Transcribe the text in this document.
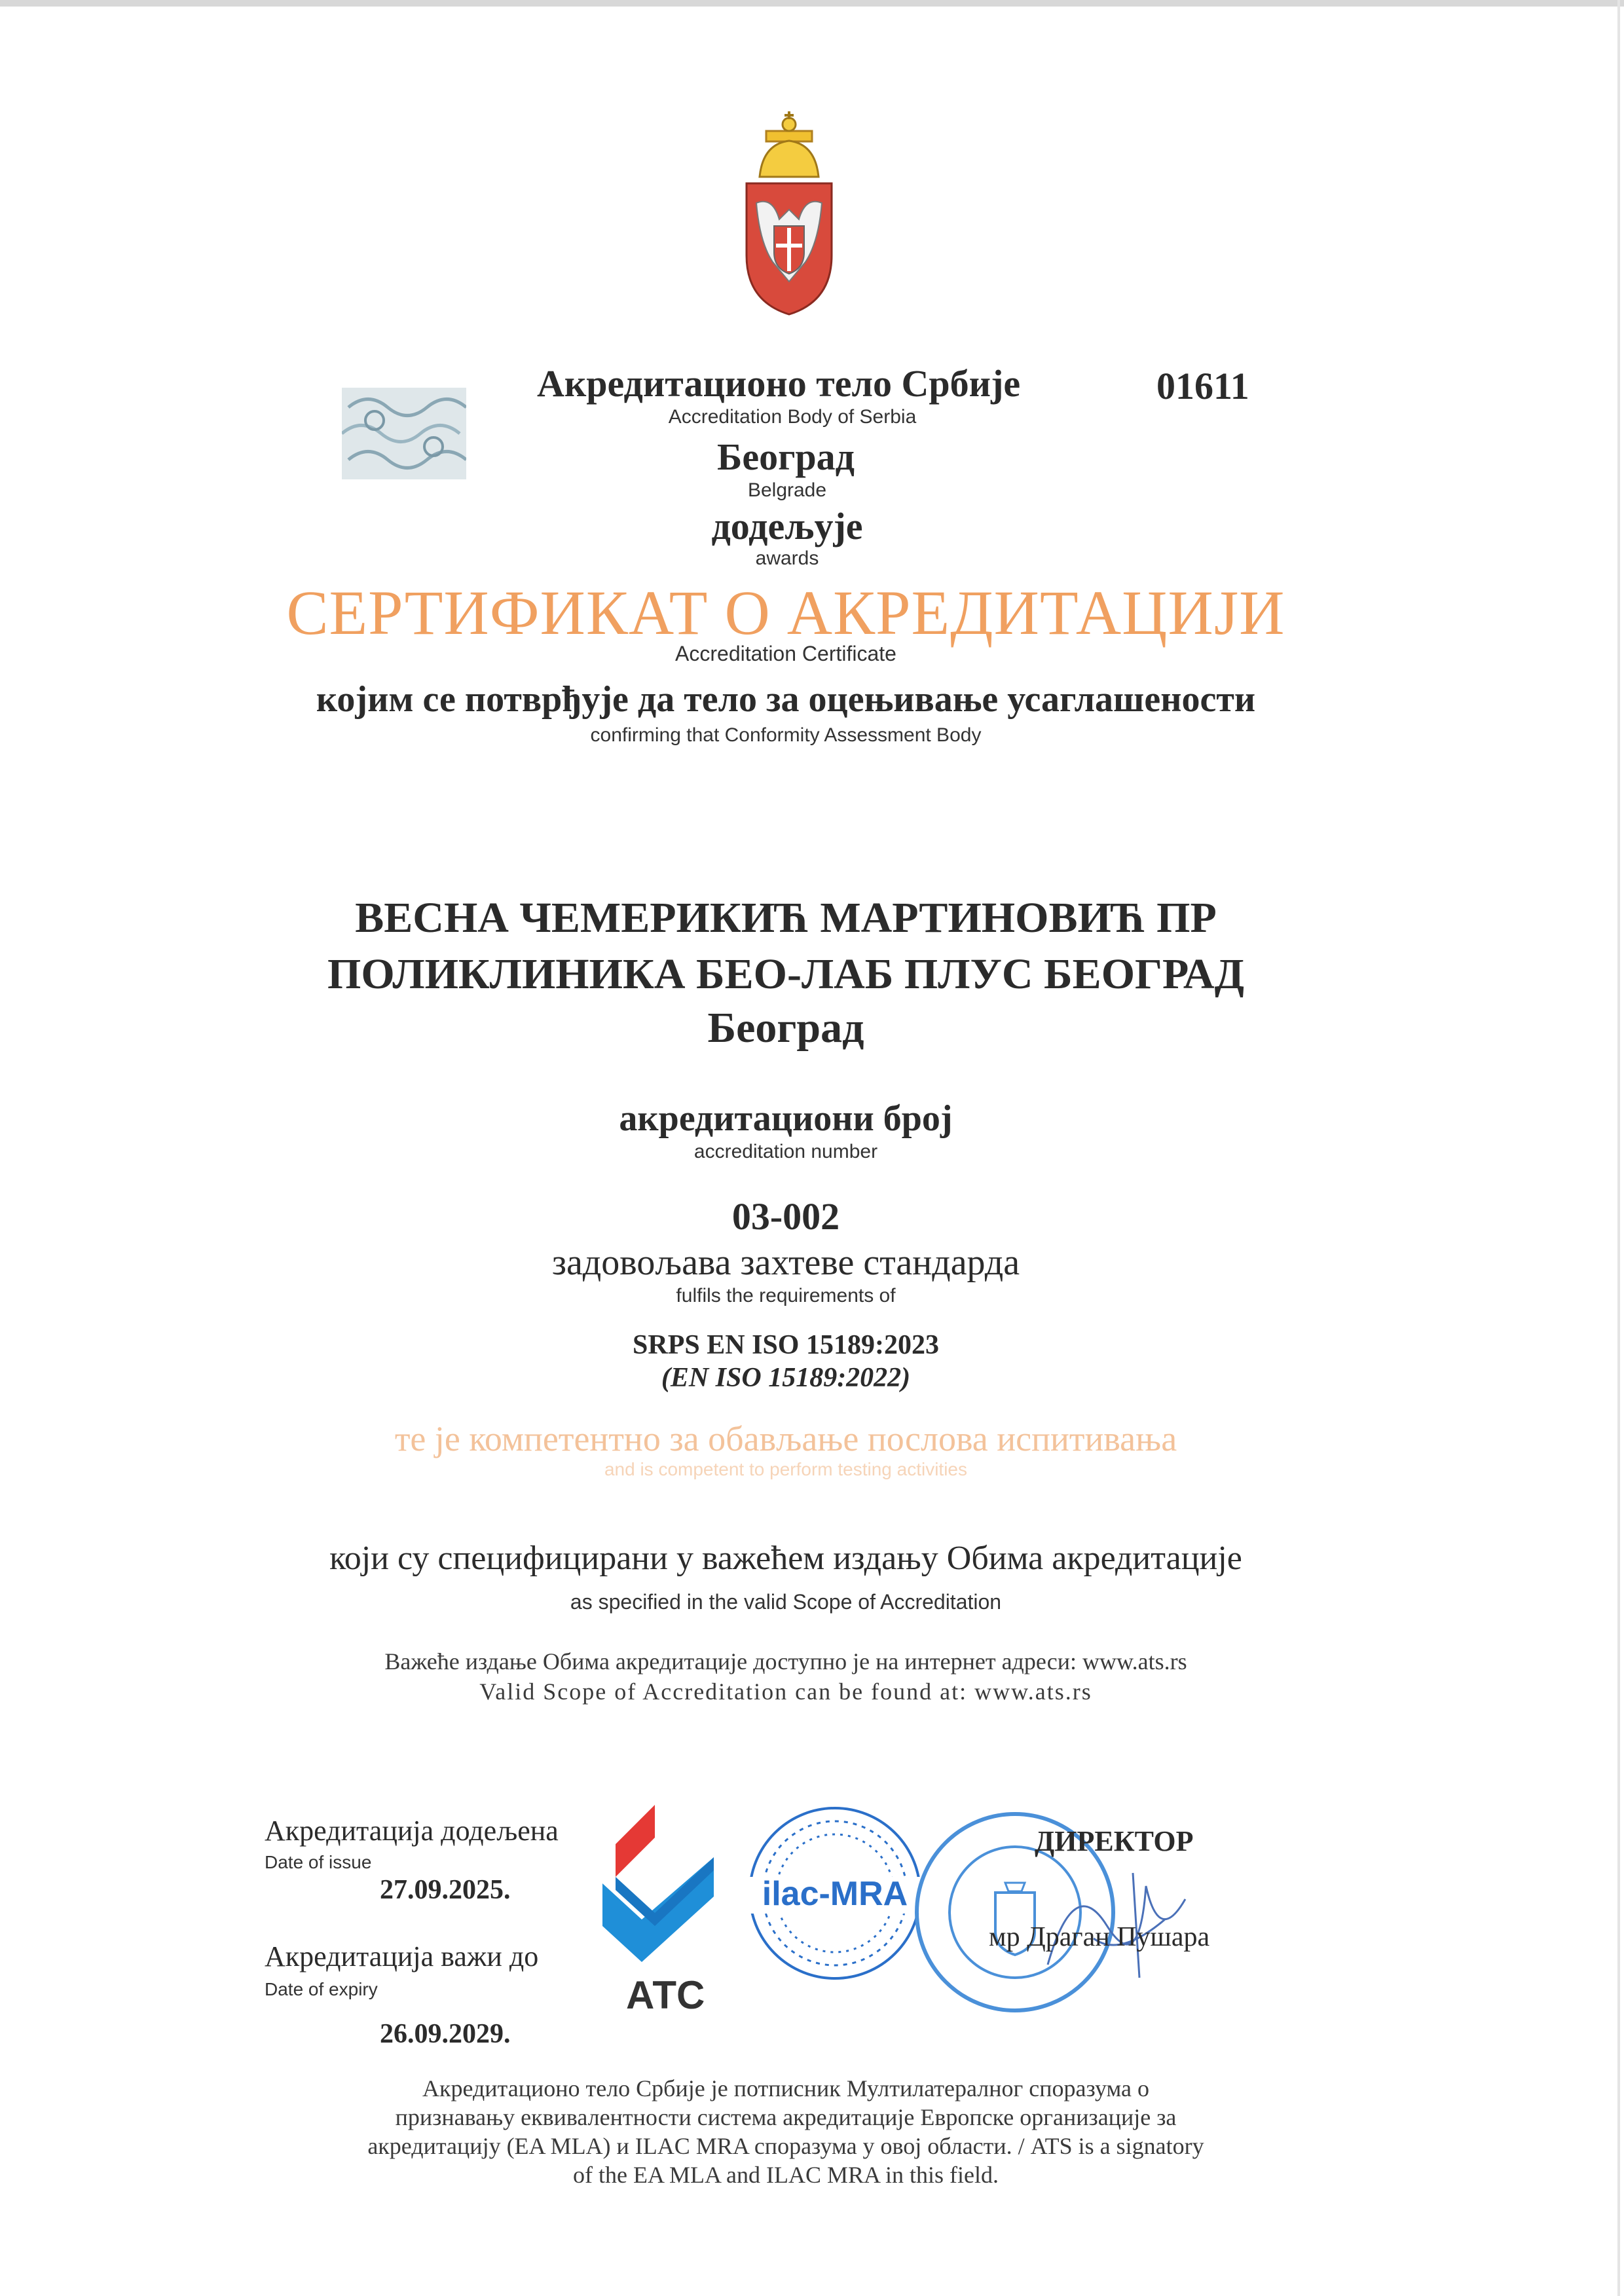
Акредитационо тело Србије	01611
Accreditation Body of Serbia
Београд
Belgrade
додељује
awards
СЕРТИФИКАТ О АКРЕДИТАЦИЈИ
Accreditation Certificate
којим се потврђује да тело за оцењивање усаглашености
confirming that Conformity Assessment Body
ВЕСНА ЧЕМЕРИКИЋ МАРТИНОВИЋ ПР
ПОЛИКЛИНИКА БЕО-ЛАБ ПЛУС БЕОГРАД
Београд
акредитациони број
accreditation number
03-002
задовољава захтеве стандарда
fulfils the requirements of
SRPS EN ISO 15189:2023
(EN ISO 15189:2022)
те је компетентно за обављање послова испитивања
and is competent to perform testing activities
који су специфицирани у важећем издању Обима акредитације
as specified in the valid Scope of Accreditation
Важеће издање Обима акредитације доступно је на интернет адреси: www.ats.rs
Valid Scope of Accreditation can be found at: www.ats.rs
Акредитација додељена
Date of issue
27.09.2025.
Акредитација важи до
Date of expiry
26.09.2029.
АТС
ilac-MRA
ДИРЕКТОР
мр Драган Пушара
Акредитационо тело Србије је потписник Мултилатералног споразума о
признавању еквивалентности система акредитације Европске организације за
акредитацију (EA MLA) и ILAC MRA споразума у овој области. / ATS is a signatory
of the EA MLA and ILAC MRA in this field.
